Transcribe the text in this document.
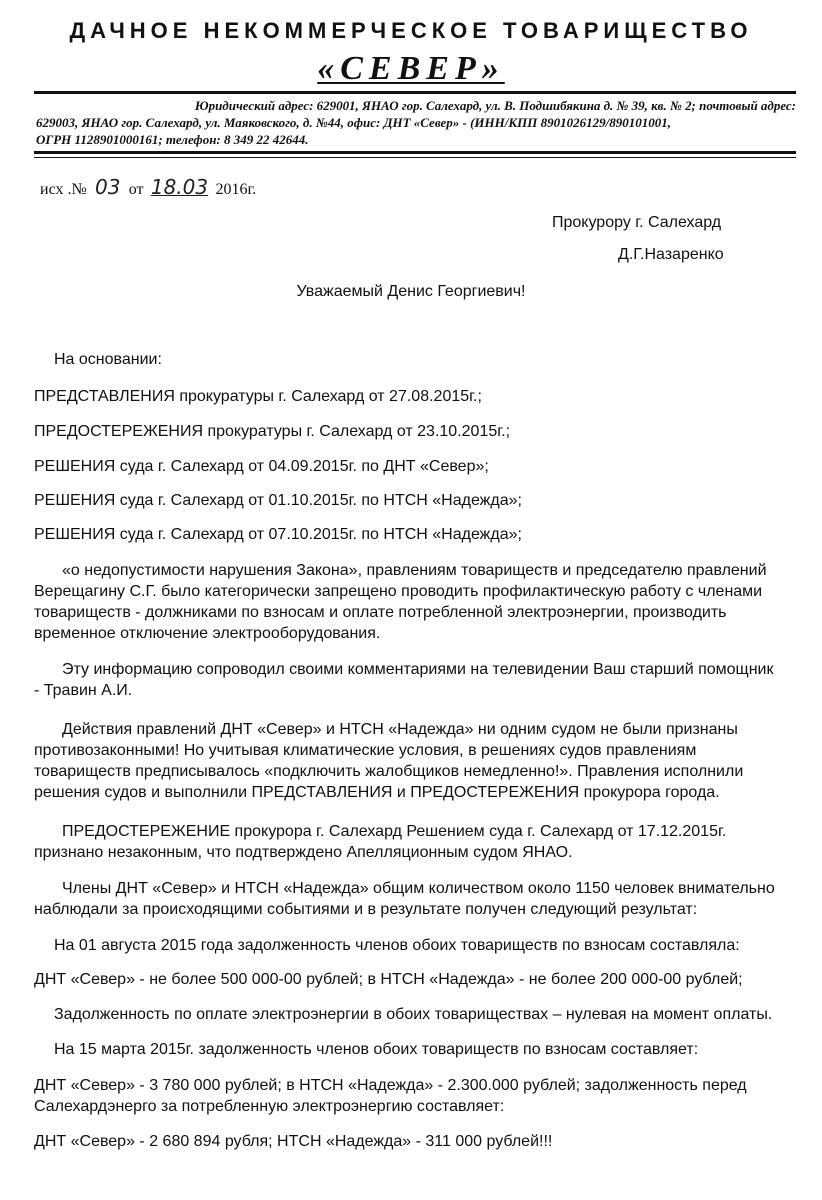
ДАЧНОЕ НЕКОММЕРЧЕСКОЕ ТОВАРИЩЕСТВО
«СЕВЕР»
Юридический адрес: 629001, ЯНАО гор. Салехард, ул. В. Подшибякина д. № 39, кв. № 2; почтовый адрес:
629003, ЯНАО гор. Салехард, ул. Маяковского, д. №44, офис: ДНТ «Север» - (ИНН/КПП 8901026129/890101001,
ОГРН 1128901000161; телефон: 8 349 22 42644.
исх .№ 03 от 18.03 2016г.
Прокурору г. Салехард
Д.Г.Назаренко
Уважаемый Денис Георгиевич!
На основании:
ПРЕДСТАВЛЕНИЯ прокуратуры г. Салехард от 27.08.2015г.;
ПРЕДОСТЕРЕЖЕНИЯ прокуратуры г. Салехард от 23.10.2015г.;
РЕШЕНИЯ суда г. Салехард от 04.09.2015г. по ДНТ «Север»;
РЕШЕНИЯ суда г. Салехард от 01.10.2015г. по НТСН «Надежда»;
РЕШЕНИЯ суда г. Салехард от 07.10.2015г. по НТСН «Надежда»;
«о недопустимости нарушения Закона», правлениям товариществ и председателю правлений
Верещагину С.Г. было категорически запрещено проводить профилактическую работу с членами
товариществ - должниками по взносам и оплате потребленной электроэнергии, производить
временное отключение электрооборудования.
Эту информацию сопроводил своими комментариями на телевидении Ваш старший помощник
- Травин А.И.
Действия правлений ДНТ «Север» и НТСН «Надежда» ни одним судом не были признаны
противозаконными! Но учитывая климатические условия, в решениях судов правлениям
товариществ предписывалось «подключить жалобщиков немедленно!». Правления исполнили
решения судов и выполнили ПРЕДСТАВЛЕНИЯ и ПРЕДОСТЕРЕЖЕНИЯ прокурора города.
ПРЕДОСТЕРЕЖЕНИЕ прокурора г. Салехард Решением суда г. Салехард от 17.12.2015г.
признано незаконным, что подтверждено Апелляционным судом ЯНАО.
Члены ДНТ «Север» и НТСН «Надежда» общим количеством около 1150 человек внимательно
наблюдали за происходящими событиями и в результате получен следующий результат:
На 01 августа 2015 года задолженность членов обоих товариществ по взносам составляла:
ДНТ «Север» - не более 500 000-00 рублей; в НТСН «Надежда» - не более 200 000-00 рублей;
Задолженность по оплате электроэнергии в обоих товариществах – нулевая на момент оплаты.
На 15 марта 2015г. задолженность членов обоих товариществ по взносам составляет:
ДНТ «Север» - 3 780 000 рублей; в НТСН «Надежда» - 2.300.000 рублей; задолженность перед
Салехардэнерго за потребленную электроэнергию составляет:
ДНТ «Север» - 2 680 894 рубля; НТСН «Надежда» - 311 000 рублей!!!
